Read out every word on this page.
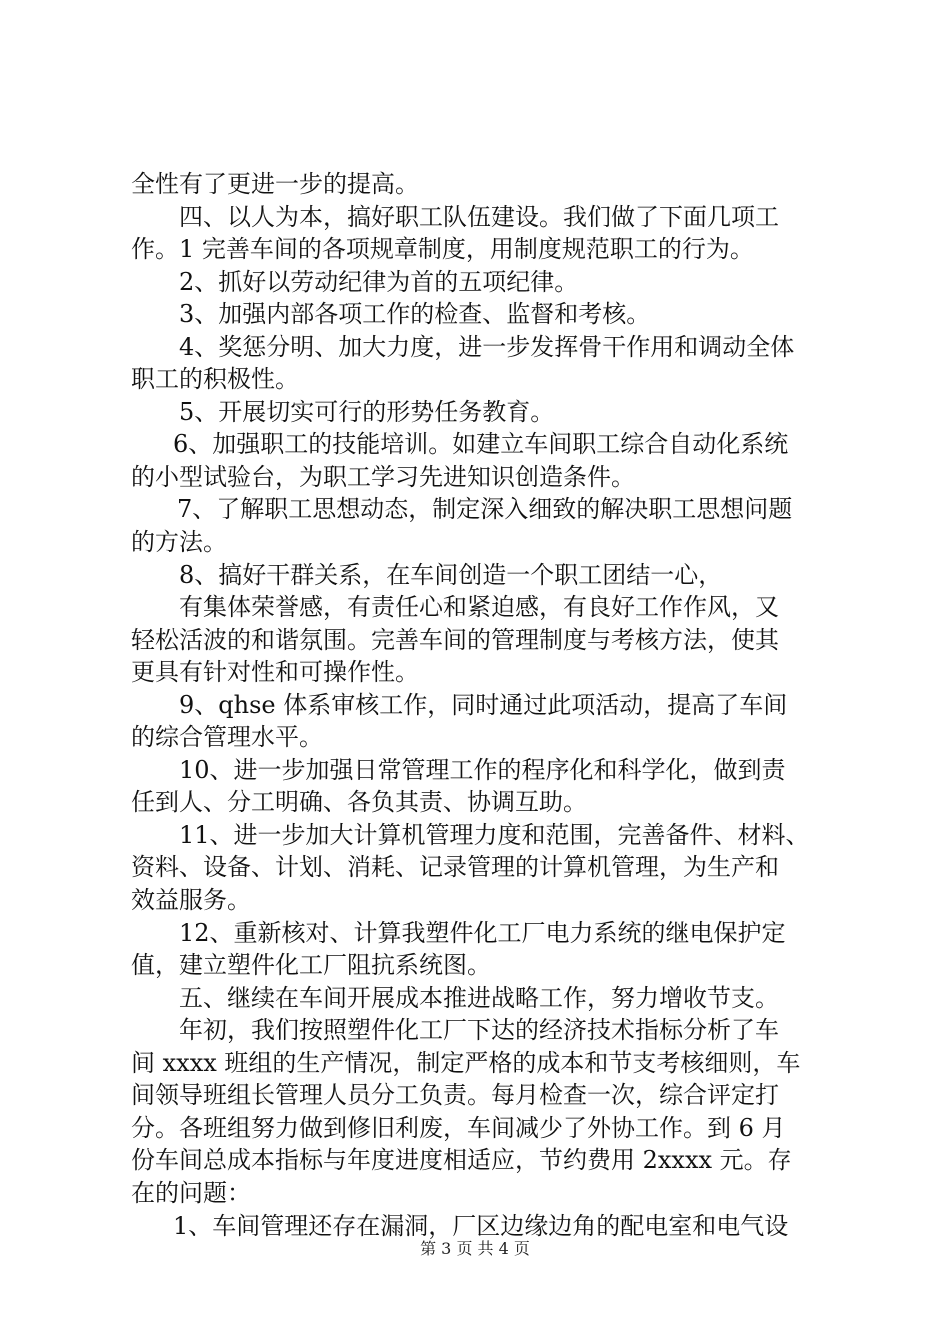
全性有了更进一步的提高。
四、以人为本，搞好职工队伍建设。我们做了下面几项工
作。1 完善车间的各项规章制度，用制度规范职工的行为。
2、抓好以劳动纪律为首的五项纪律。
3、加强内部各项工作的检查、监督和考核。
4、奖惩分明、加大力度，进一步发挥骨干作用和调动全体
职工的积极性。
5、开展切实可行的形势任务教育。
6、加强职工的技能培训。如建立车间职工综合自动化系统
的小型试验台，为职工学习先进知识创造条件。
7、了解职工思想动态，制定深入细致的解决职工思想问题
的方法。
8、搞好干群关系，在车间创造一个职工团结一心，
有集体荣誉感，有责任心和紧迫感，有良好工作作风，又
轻松活波的和谐氛围。完善车间的管理制度与考核方法，使其
更具有针对性和可操作性。
9、qhse 体系审核工作，同时通过此项活动，提高了车间
的综合管理水平。
10、进一步加强日常管理工作的程序化和科学化，做到责
任到人、分工明确、各负其责、协调互助。
11、进一步加大计算机管理力度和范围，完善备件、材料、
资料、设备、计划、消耗、记录管理的计算机管理，为生产和
效益服务。
12、重新核对、计算我塑件化工厂电力系统的继电保护定
值，建立塑件化工厂阻抗系统图。
五、继续在车间开展成本推进战略工作，努力增收节支。
年初，我们按照塑件化工厂下达的经济技术指标分析了车
间 xxxx 班组的生产情况，制定严格的成本和节支考核细则，车
间领导班组长管理人员分工负责。每月检查一次，综合评定打
分。各班组努力做到修旧利废，车间减少了外协工作。到 6 月
份车间总成本指标与年度进度相适应，节约费用 2xxxx 元。存
在的问题：
1、车间管理还存在漏洞，厂区边缘边角的配电室和电气设
第 3 页 共 4 页
